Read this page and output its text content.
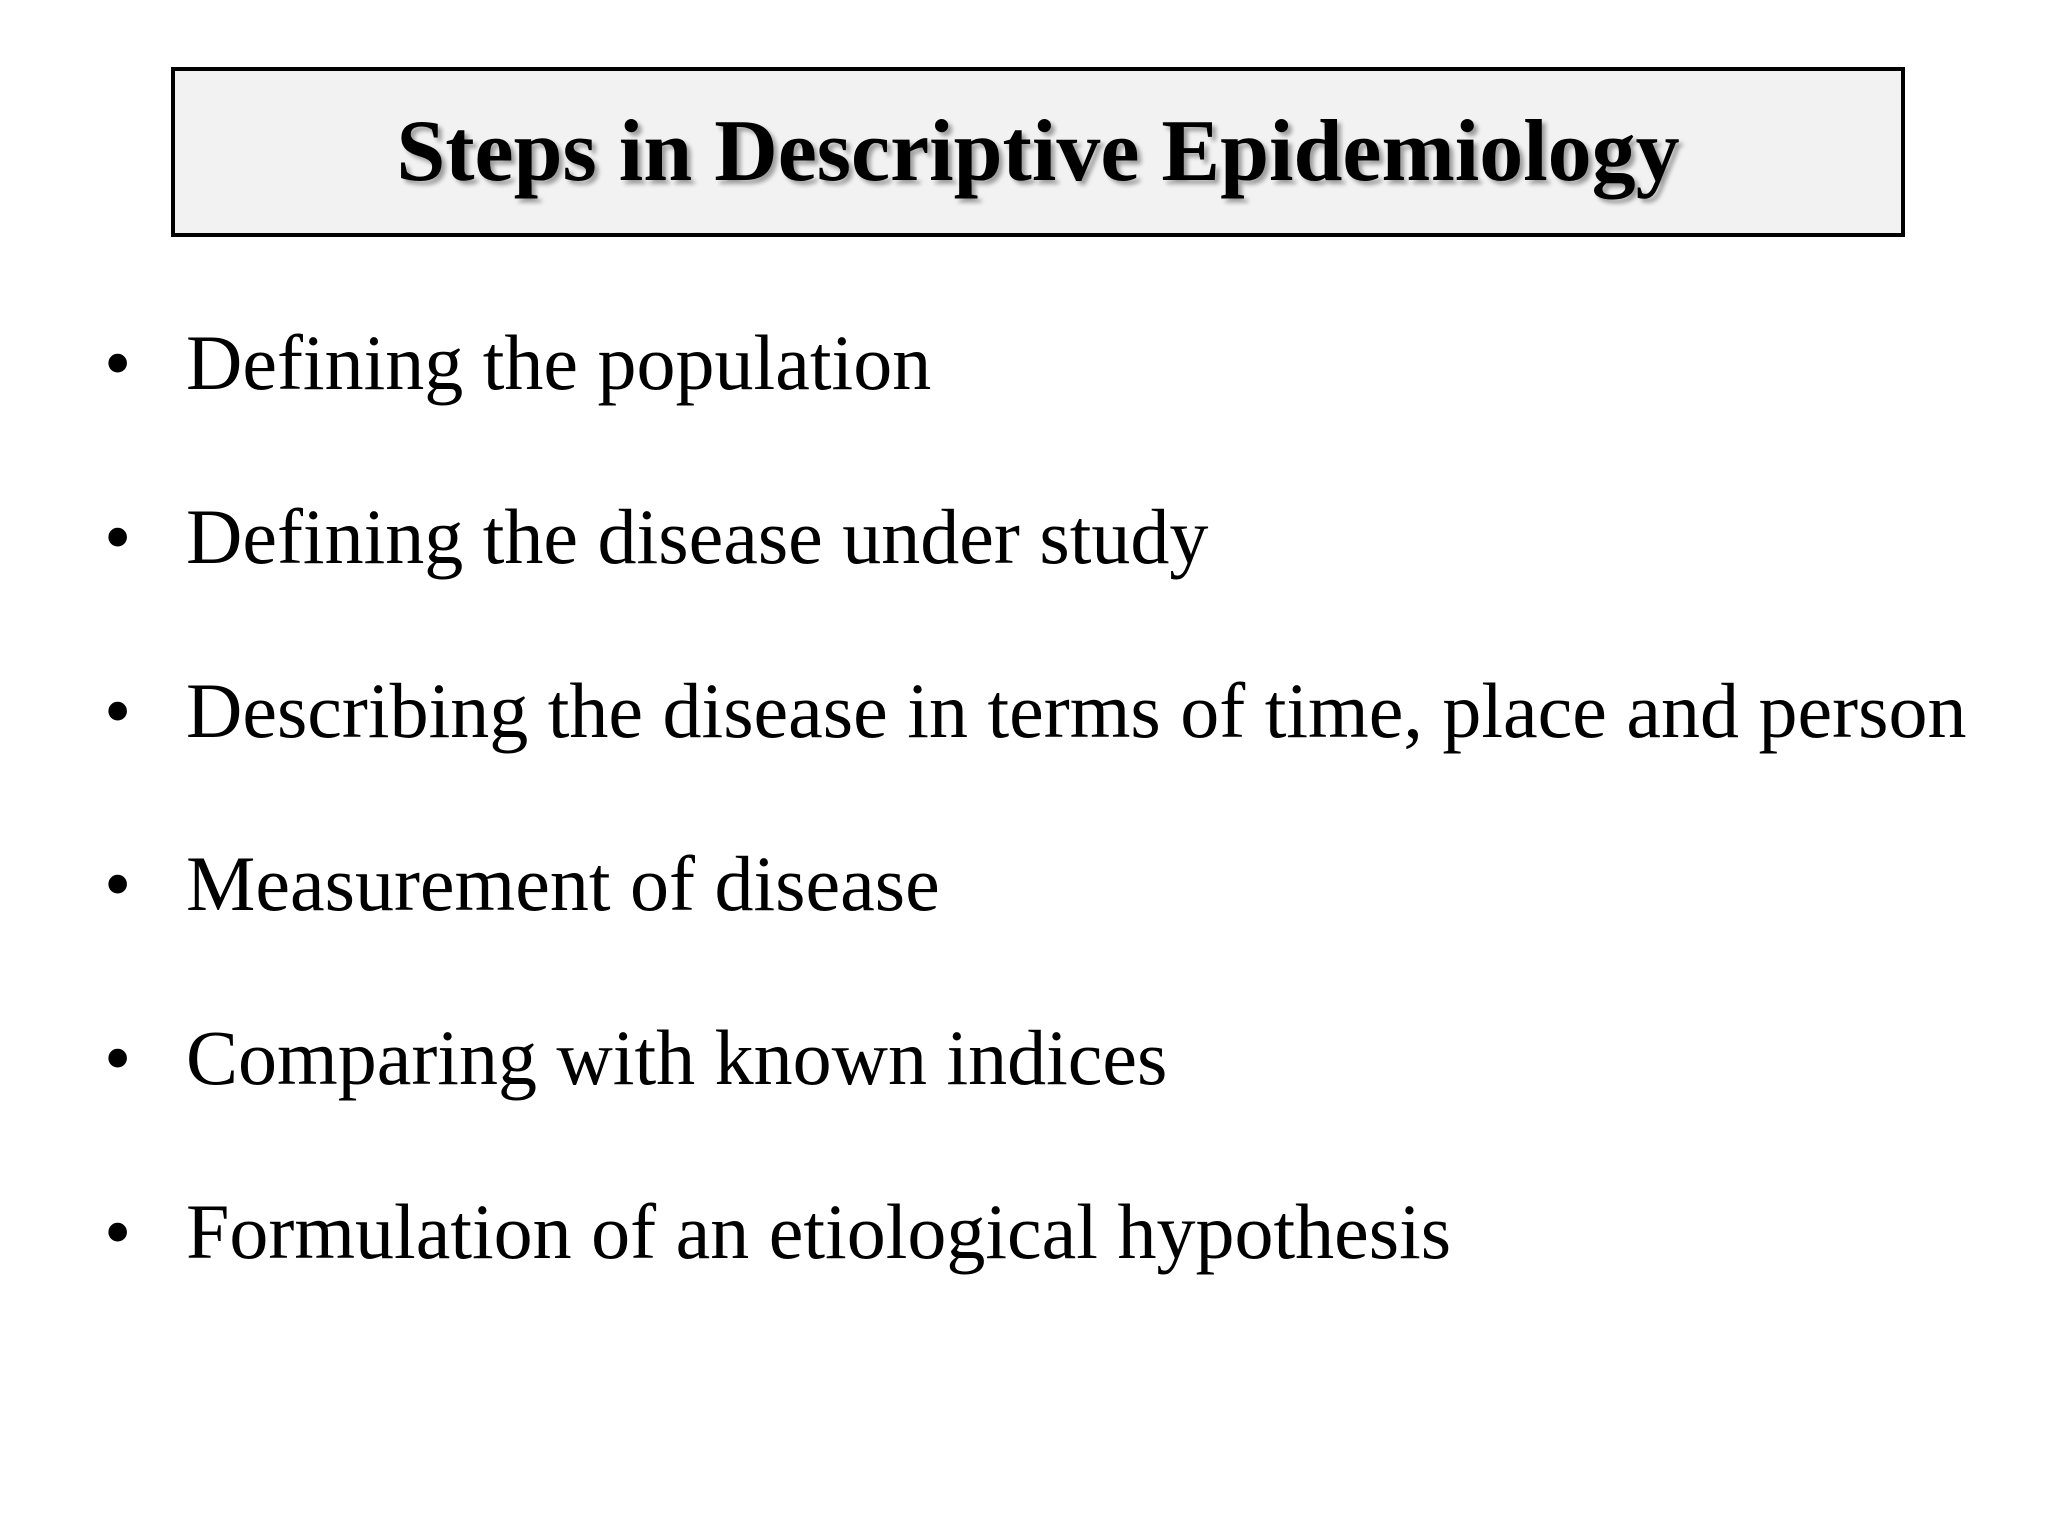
Steps in Descriptive Epidemiology
• Defining the population
• Defining the disease under study
• Describing the disease in terms of time, place and person
• Measurement of disease
• Comparing with known indices
• Formulation of an etiological hypothesis
